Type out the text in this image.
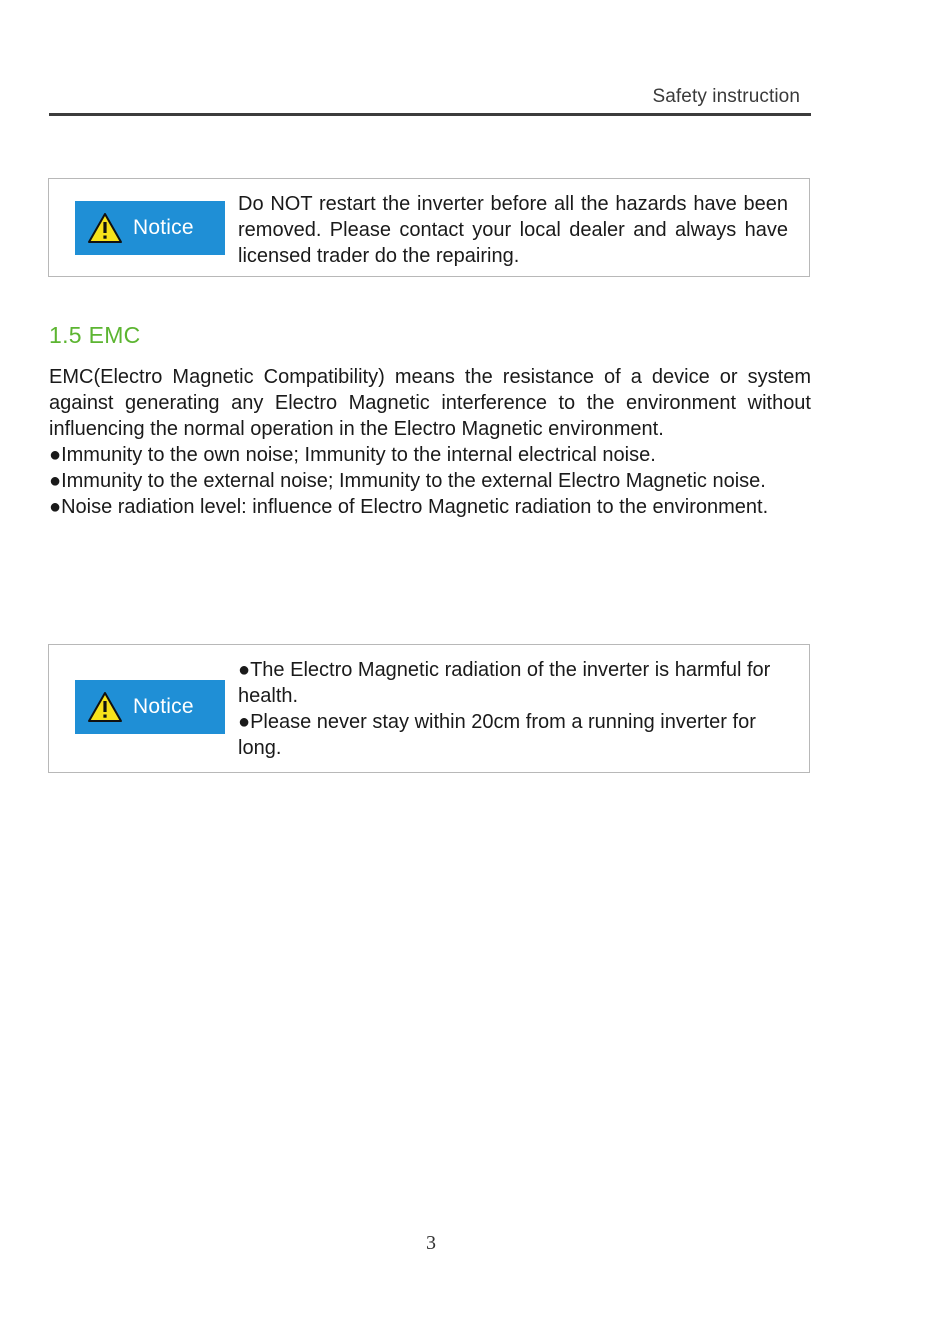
Safety instruction
Notice

Do NOT restart the inverter before all the hazards have been removed. Please contact your local dealer and always have licensed trader do the repairing.

1.5 EMC

EMC(Electro Magnetic Compatibility) means the resistance of a device or system against generating any Electro Magnetic interference to the environment without influencing the normal operation in the Electro Magnetic environment.

●Immunity to the own noise; Immunity to the internal electrical noise.

●Immunity to the external noise; Immunity to the external Electro Magnetic noise.

●Noise radiation level: influence of Electro Magnetic radiation to the environment.

Notice

●The Electro Magnetic radiation of the inverter is harmful for health.

●Please never stay within 20cm from a running inverter for long.

3
